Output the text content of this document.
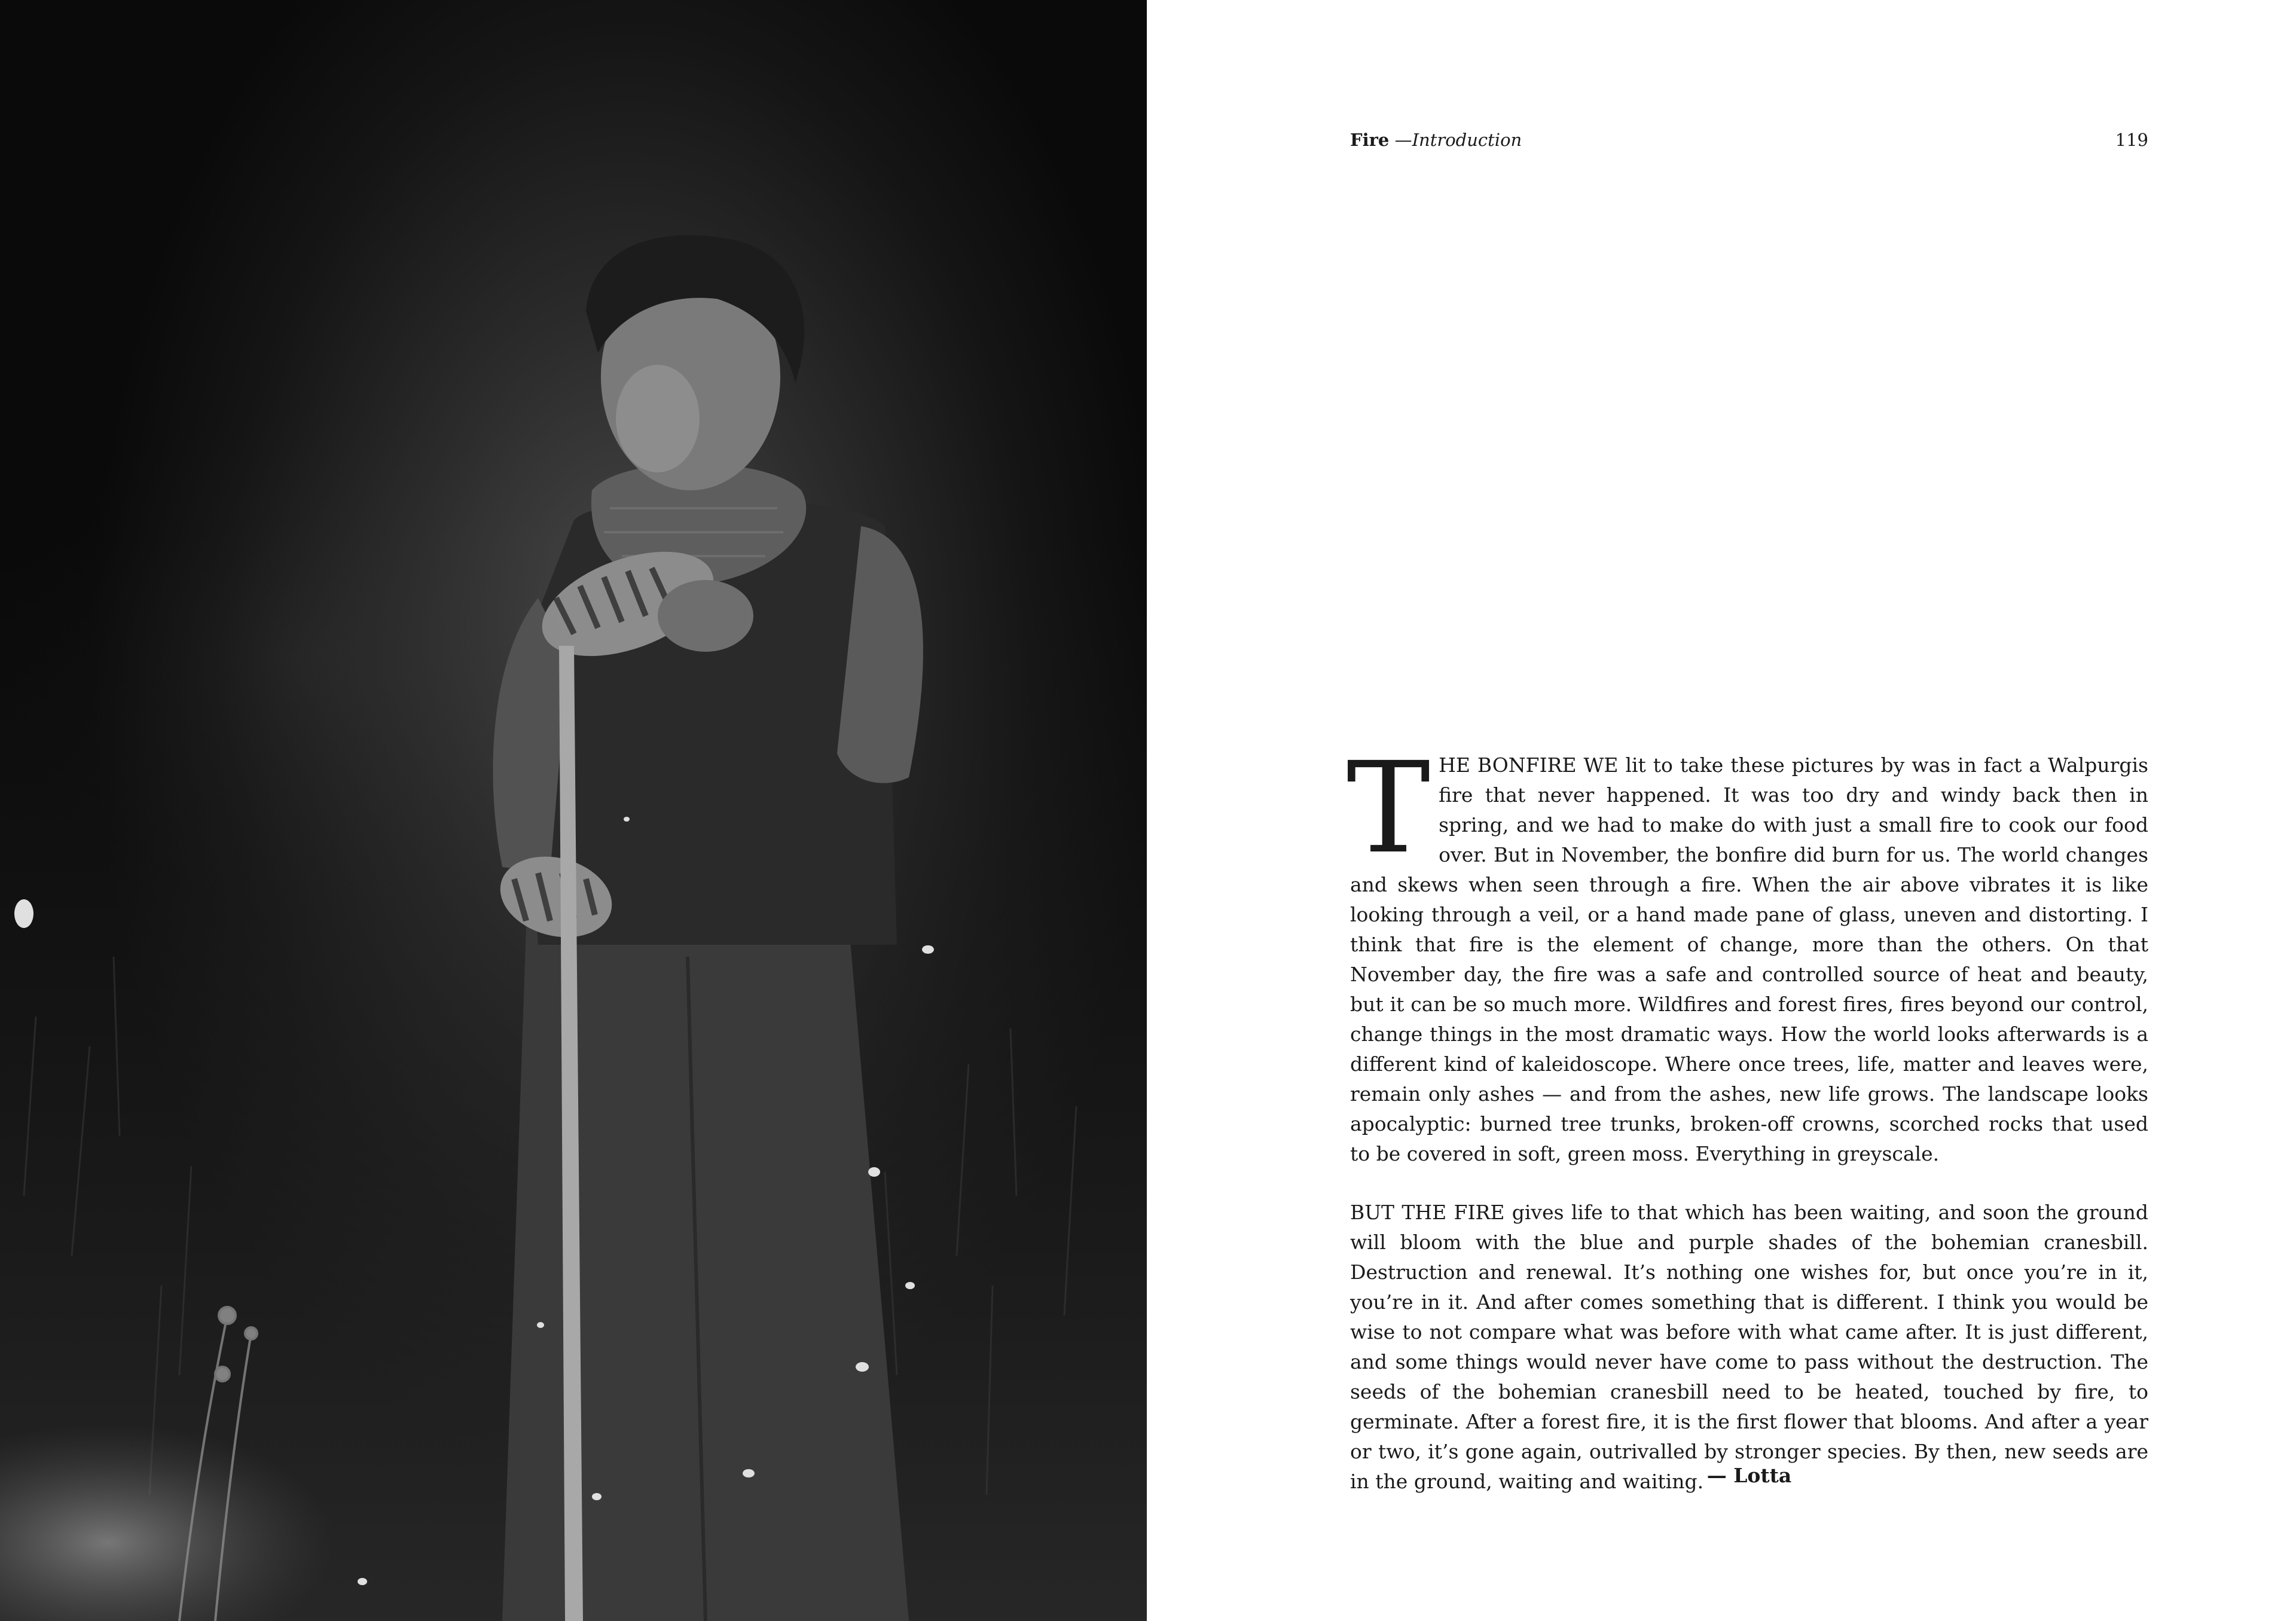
Fire —Introduction	119

THE BONFIRE WE lit to take these pictures by was in fact a Walpurgis fire that never happened. It was too dry and windy back then in spring, and we had to make do with just a small fire to cook our food over. But in November, the bonfire did burn for us. The world changes and skews when seen through a fire. When the air above vibrates it is like looking through a veil, or a hand made pane of glass, uneven and distorting. I think that fire is the element of change, more than the others. On that November day, the fire was a safe and controlled source of heat and beauty, but it can be so much more. Wildfires and forest fires, fires beyond our control, change things in the most dramatic ways. How the world looks afterwards is a different kind of kaleidoscope. Where once trees, life, matter and leaves were, remain only ashes — and from the ashes, new life grows. The landscape looks apocalyptic: burned tree trunks, broken-off crowns, scorched rocks that used to be covered in soft, green moss. Everything in greyscale.

BUT THE FIRE gives life to that which has been waiting, and soon the ground will bloom with the blue and purple shades of the bohemian cranesbill. Destruction and renewal. It’s nothing one wishes for, but once you’re in it, you’re in it. And after comes something that is different. I think you would be wise to not compare what was before with what came after. It is just different, and some things would never have come to pass without the destruction. The seeds of the bohemian cranesbill need to be heated, touched by fire, to germinate. After a forest fire, it is the first flower that blooms. And after a year or two, it’s gone again, outrivalled by stronger species. By then, new seeds are in the ground, waiting and waiting. — Lotta
